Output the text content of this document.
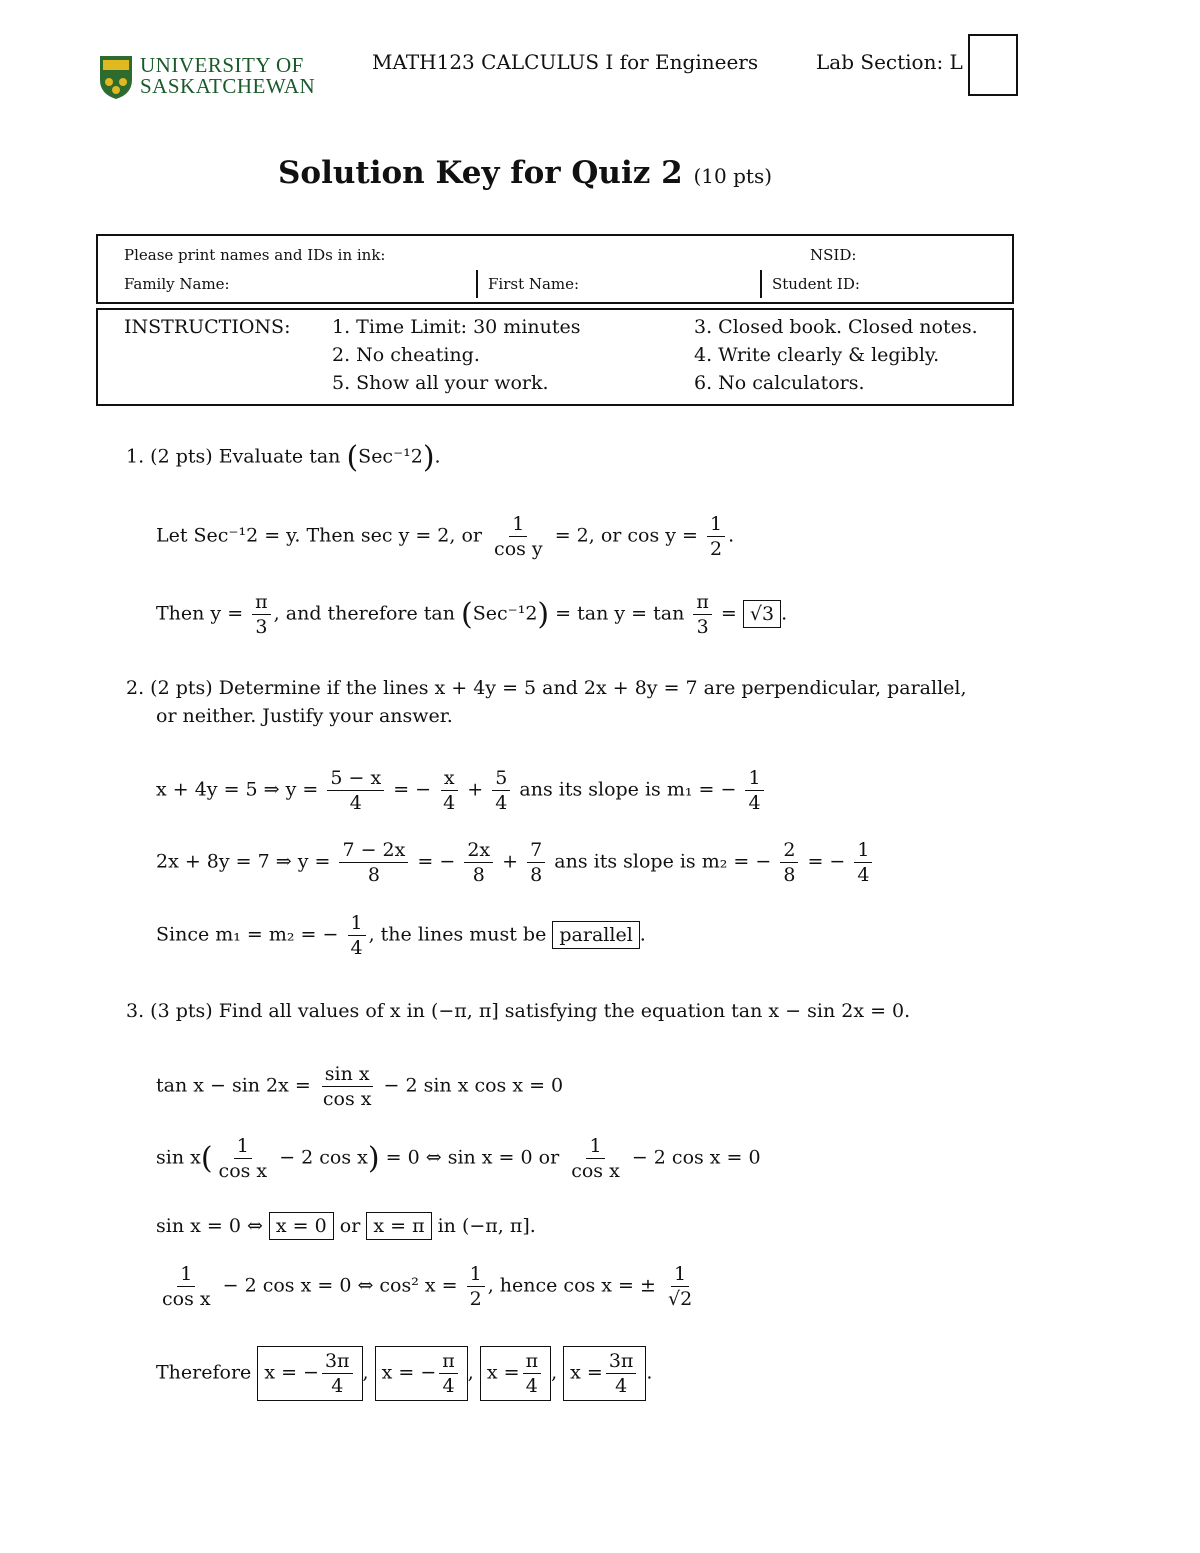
UNIVERSITY OF
SASKATCHEWAN
MATH123 CALCULUS I for Engineers	Lab Section: L
Solution Key for Quiz 2 (10 pts)
Please print names and IDs in ink:	NSID:
Family Name:	First Name:	Student ID:
INSTRUCTIONS: 1. Time Limit: 30 minutes
2. No cheating.
5. Show all your work.
3. Closed book. Closed notes.
4. Write clearly & legibly.
6. No calculators.
1. (2 pts) Evaluate tan (Sec⁻¹2).
Let Sec⁻¹2 = y. Then sec y = 2, or $\frac{1}{\text{cos y}} = 2$, or $\cos y = \frac{1}{2}$ .
Then $y = \frac{\pi}{3}$ , and therefore $\tan (Sec^{-1}2) = \tan y = \tan \frac{\pi}{3} = √3$ .
2. (2 pts) Determine if the lines x + 4y = 5 and 2x + 8y = 7 are perpendicular, parallel,
or neither. Justify your answer.
x + 4y = 5 ⇒ $y = \frac{5 - x}{4}$ = − $\frac{x}{4} + \frac{5}{4}$ ans its slope is m₁ = − $\frac{1}{4}$
2x + 8y = 7 ⇒ $y = \frac{7 - 2x}{8}$ = − $\frac{2x}{8} + \frac{7}{8}$ ans its slope is m₂ = − $\frac{2}{8}$ = − $\frac{1}{4}$
Since m₁ = m₂ = − $\frac{1}{4}$ , the lines must be parallel .
3. (3 pts) Find all values of x in (−π, π] satisfying the equation tan x − sin 2x = 0.
$\tan x - \sin 2x = \frac{\text{sin x}}{\text{cos x}} - 2$ sin x cos x = 0
$\sin x( \frac{1}{\text{cos x}} - 2$ cos x) = 0 ⇔ sin x = 0 or $\frac{1}{\text{cos x}} - 2$ cos x = 0
sin x = 0 ⇔ x = 0 or x = π in (−π, π].
$\frac{1}{\text{cos x}} - 2$ cos x = 0 ⇔ cos² $x = \frac{1}{2}$ , hence cos x = ± $\frac{1}{√2}$
Therefore x = − $\frac{3\pi}{4}$ , x = − $\frac{\pi}{4}$ , $x = \frac{\pi}{4}$ , $x = \frac{3\pi}{4}$ .
